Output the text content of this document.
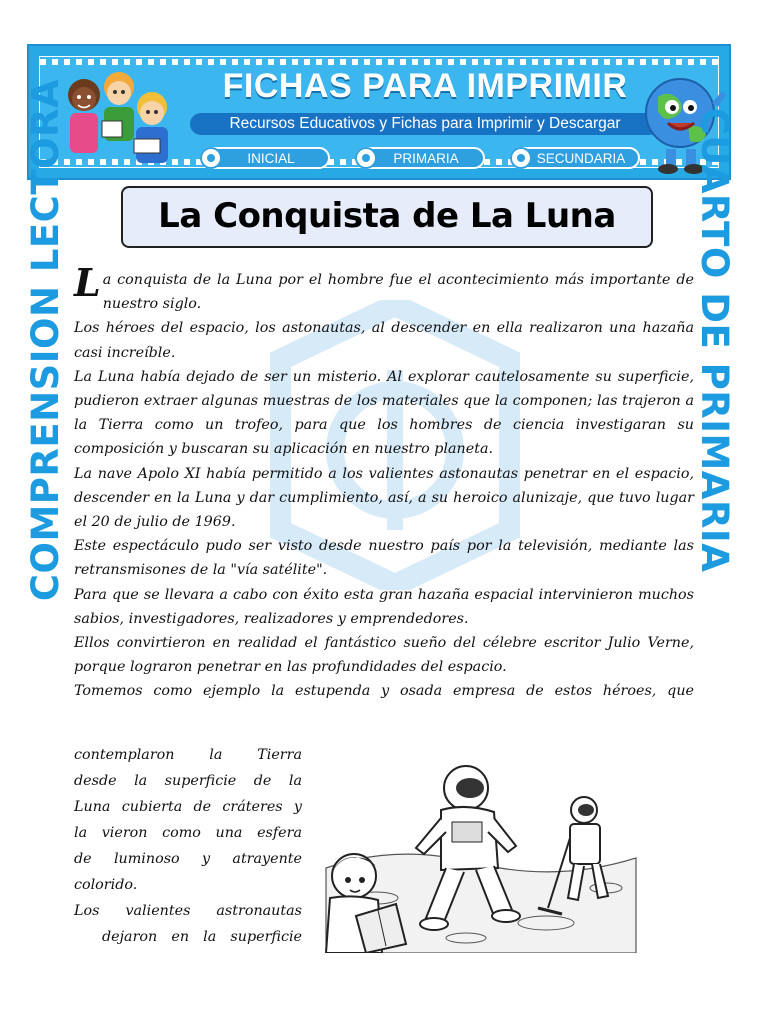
FICHAS PARA IMPRIMIR
Recursos Educativos y Fichas para Imprimir y Descargar
INICIAL	PRIMARIA	SECUNDARIA
COMPRENSION LECTORA	CUARTO DE PRIMARIA
La Conquista de La Luna

La conquista de la Luna por el hombre fue el acontecimiento más importante de nuestro siglo.

Los héroes del espacio, los astonautas, al descender en ella realizaron una hazaña casi increíble.

La Luna había dejado de ser un misterio. Al explorar cautelosamente su superficie, pudieron extraer algunas muestras de los materiales que la componen; las trajeron a la Tierra como un trofeo, para que los hombres de ciencia investigaran su composición y buscaran su aplicación en nuestro planeta.

La nave Apolo XI había permitido a los valientes astonautas penetrar en el espacio, descender en la Luna y dar cumplimiento, así, a su heroico alunizaje, que tuvo lugar el 20 de julio de 1969.

Este espectáculo pudo ser visto desde nuestro país por la televisión, mediante las retransmisones de la "vía satélite".

Para que se llevara a cabo con éxito esta gran hazaña espacial intervinieron muchos sabios, investigadores, realizadores y emprendedores.

Ellos convirtieron en realidad el fantástico sueño del célebre escritor Julio Verne, porque lograron penetrar en las profundidades del espacio.

Tomemos como ejemplo la estupenda y osada empresa de estos héroes, que

contemplaron la Tierra

desde la superficie de la

Luna cubierta de cráteres y

la vieron como una esfera

de luminoso y atrayente

colorido.

Los valientes astronautas

dejaron en la superficie
